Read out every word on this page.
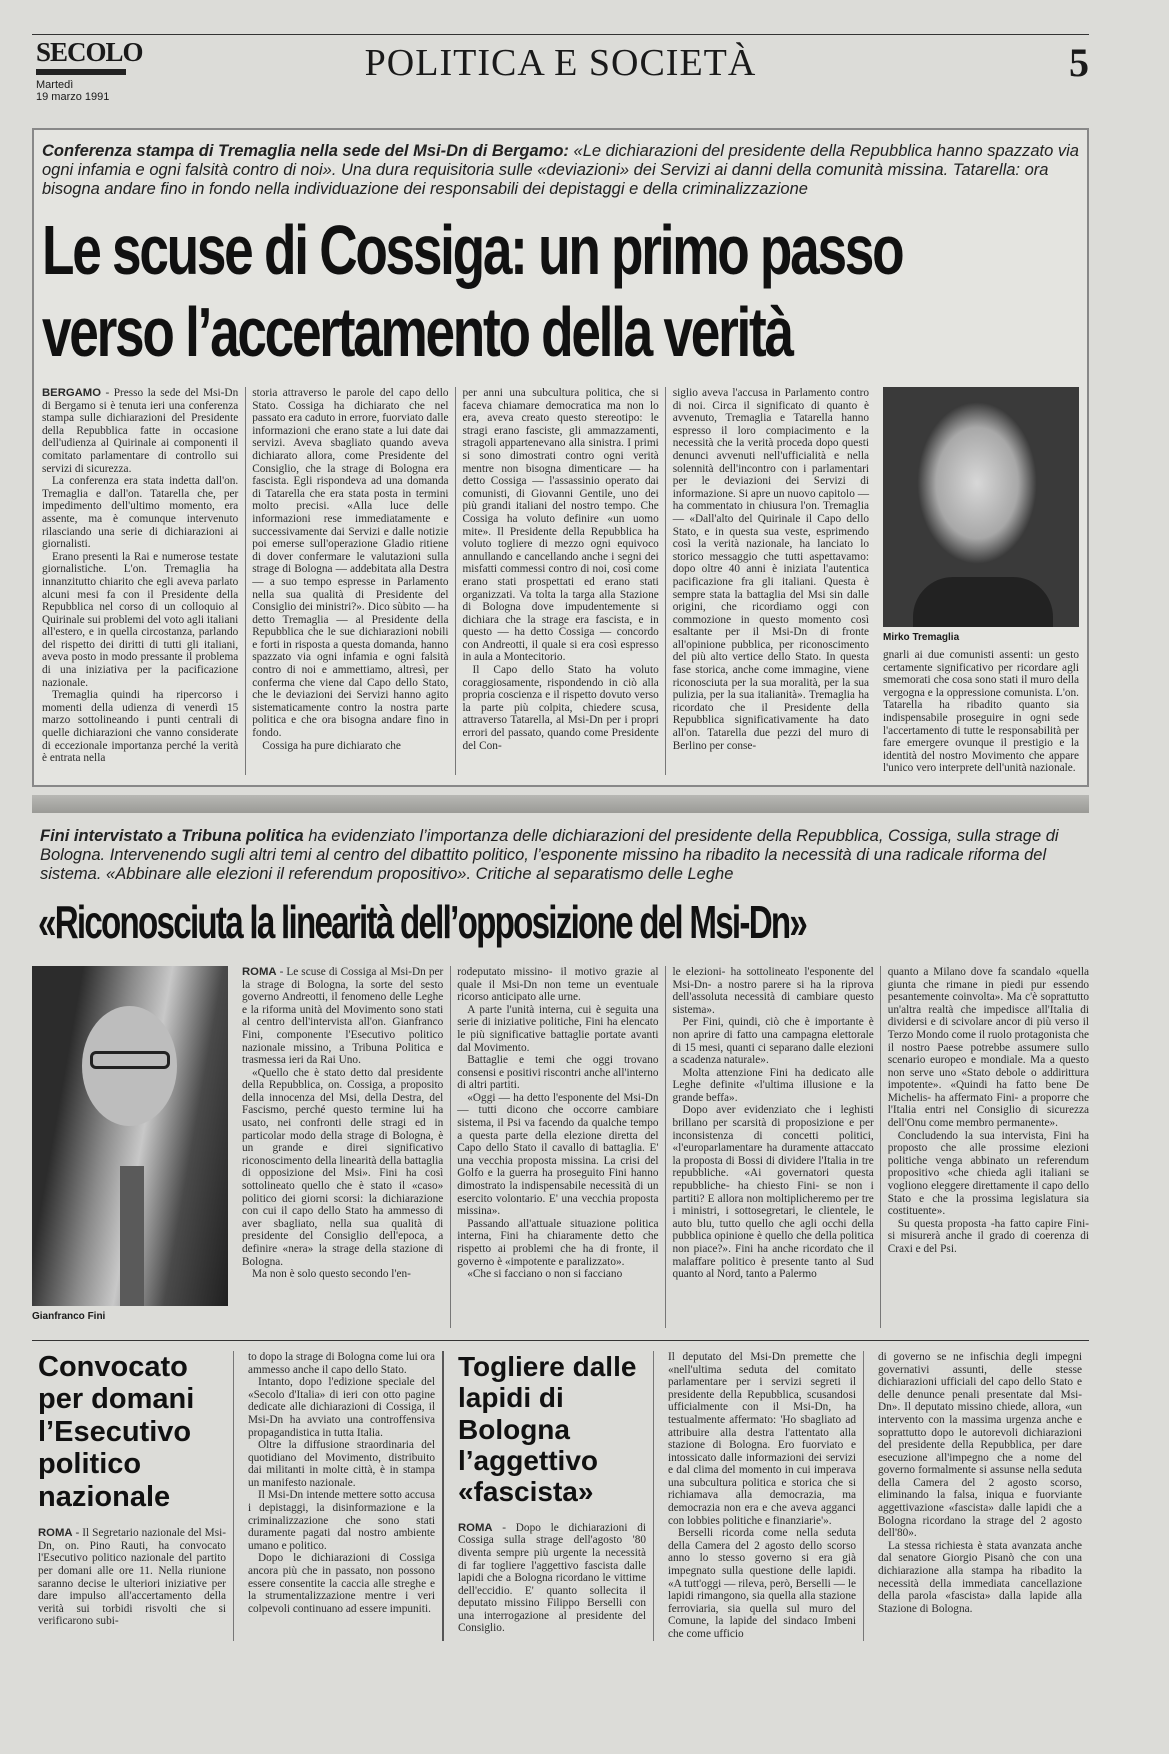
SECOLO
Martedì
19 marzo 1991
POLITICA E SOCIETÀ	5
Conferenza stampa di Tremaglia nella sede del Msi-Dn di Bergamo: «Le dichiarazioni del presidente della Repubblica hanno spazzato via ogni infamia e ogni falsità contro di noi». Una dura requisitoria sulle «deviazioni» dei Servizi ai danni della comunità missina. Tatarella: ora bisogna andare fino in fondo nella individuazione dei responsabili dei depistaggi e della criminalizzazione
Le scuse di Cossiga: un primo passo
verso l’accertamento della verità

BERGAMO - Presso la sede del Msi-Dn di Bergamo si è tenuta ieri una conferenza stampa sulle dichiarazioni del Presidente della Repubblica fatte in occasione dell'udienza al Quirinale ai componenti il comitato parlamentare di controllo sui servizi di sicurezza.

La conferenza era stata indetta dall'on. Tremaglia e dall'on. Tatarella che, per impedimento dell'ultimo momento, era assente, ma è comunque intervenuto rilasciando una serie di dichiarazioni ai giornalisti.

Erano presenti la Rai e numerose testate giornalistiche. L'on. Tremaglia ha innanzitutto chiarito che egli aveva parlato alcuni mesi fa con il Presidente della Repubblica nel corso di un colloquio al Quirinale sui problemi del voto agli italiani all'estero, e in quella circostanza, parlando del rispetto dei diritti di tutti gli italiani, aveva posto in modo pressante il problema di una iniziativa per la pacificazione nazionale.

Tremaglia quindi ha ripercorso i momenti della udienza di venerdì 15 marzo sottolineando i punti centrali di quelle dichiarazioni che vanno considerate di eccezionale importanza perché la verità è entrata nella

storia attraverso le parole del capo dello Stato. Cossiga ha dichiarato che nel passato era caduto in errore, fuorviato dalle informazioni che erano state a lui date dai servizi. Aveva sbagliato quando aveva dichiarato allora, come Presidente del Consiglio, che la strage di Bologna era fascista. Egli rispondeva ad una domanda di Tatarella che era stata posta in termini molto precisi. «Alla luce delle informazioni rese immediatamente e successivamente dai Servizi e dalle notizie poi emerse sull'operazione Gladio ritiene di dover confermare le valutazioni sulla strage di Bologna — addebitata alla Destra — a suo tempo espresse in Parlamento nella sua qualità di Presidente del Consiglio dei ministri?». Dico sùbito — ha detto Tremaglia — al Presidente della Repubblica che le sue dichiarazioni nobili e forti in risposta a questa domanda, hanno spazzato via ogni infamia e ogni falsità contro di noi e ammettiamo, altresì, per conferma che viene dal Capo dello Stato, che le deviazioni dei Servizi hanno agito sistematicamente contro la nostra parte politica e che ora bisogna andare fino in fondo.

Cossiga ha pure dichiarato che

per anni una subcultura politica, che si faceva chiamare democratica ma non lo era, aveva creato questo stereotipo: le stragi erano fasciste, gli ammazzamenti, stragoli appartenevano alla sinistra. I primi si sono dimostrati contro ogni verità mentre non bisogna dimenticare — ha detto Cossiga — l'assassinio operato dai comunisti, di Giovanni Gentile, uno dei più grandi italiani del nostro tempo. Che Cossiga ha voluto definire «un uomo mite». Il Presidente della Repubblica ha voluto togliere di mezzo ogni equivoco annullando e cancellando anche i segni dei misfatti commessi contro di noi, così come erano stati prospettati ed erano stati organizzati. Va tolta la targa alla Stazione di Bologna dove impudentemente si dichiara che la strage era fascista, e in questo — ha detto Cossiga — concordo con Andreotti, il quale si era così espresso in aula a Montecitorio.

Il Capo dello Stato ha voluto coraggiosamente, rispondendo in ciò alla propria coscienza e il rispetto dovuto verso la parte più colpita, chiedere scusa, attraverso Tatarella, al Msi-Dn per i propri errori del passato, quando come Presidente del Con-

siglio aveva l'accusa in Parlamento contro di noi. Circa il significato di quanto è avvenuto, Tremaglia e Tatarella hanno espresso il loro compiacimento e la necessità che la verità proceda dopo questi denunci avvenuti nell'ufficialità e nella solennità dell'incontro con i parlamentari per le deviazioni dei Servizi di informazione. Si apre un nuovo capitolo — ha commentato in chiusura l'on. Tremaglia — «Dall'alto del Quirinale il Capo dello Stato, e in questa sua veste, esprimendo così la verità nazionale, ha lanciato lo storico messaggio che tutti aspettavamo: dopo oltre 40 anni è iniziata l'autentica pacificazione fra gli italiani. Questa è sempre stata la battaglia del Msi sin dalle origini, che ricordiamo oggi con commozione in questo momento così esaltante per il Msi-Dn di fronte all'opinione pubblica, per riconoscimento del più alto vertice dello Stato. In questa fase storica, anche come immagine, viene riconosciuta per la sua moralità, per la sua pulizia, per la sua italianità». Tremaglia ha ricordato che il Presidente della Repubblica significativamente ha dato all'on. Tatarella due pezzi del muro di Berlino per conse-

Mirko Tremaglia

gnarli ai due comunisti assenti: un gesto certamente significativo per ricordare agli smemorati che cosa sono stati il muro della vergogna e la oppressione comunista. L'on. Tatarella ha ribadito quanto sia indispensabile proseguire in ogni sede l'accertamento di tutte le responsabilità per fare emergere ovunque il prestigio e la identità del nostro Movimento che appare l'unico vero interprete dell'unità nazionale.

Fini intervistato a Tribuna politica ha evidenziato l’importanza delle dichiarazioni del presidente della Repubblica, Cossiga, sulla strage di Bologna. Intervenendo sugli altri temi al centro del dibattito politico, l’esponente missino ha ribadito la necessità di una radicale riforma del sistema. «Abbinare alle elezioni il referendum propositivo». Critiche al separatismo delle Leghe
«Riconosciuta la linearità dell’opposizione del Msi-Dn»
Gianfranco Fini

ROMA - Le scuse di Cossiga al Msi-Dn per la strage di Bologna, la sorte del sesto governo Andreotti, il fenomeno delle Leghe e la riforma unità del Movimento sono stati al centro dell'intervista all'on. Gianfranco Fini, componente l'Esecutivo politico nazionale missino, a Tribuna Politica e trasmessa ieri da Rai Uno.

«Quello che è stato detto dal presidente della Repubblica, on. Cossiga, a proposito della innocenza del Msi, della Destra, del Fascismo, perché questo termine lui ha usato, nei confronti delle stragi ed in particolar modo della strage di Bologna, è un grande e direi significativo riconoscimento della linearità della battaglia di opposizione del Msi». Fini ha così sottolineato quello che è stato il «caso» politico dei giorni scorsi: la dichiarazione con cui il capo dello Stato ha ammesso di aver sbagliato, nella sua qualità di presidente del Consiglio dell'epoca, a definire «nera» la strage della stazione di Bologna.

Ma non è solo questo secondo l'en-

rodeputato missino- il motivo grazie al quale il Msi-Dn non teme un eventuale ricorso anticipato alle urne.

A parte l'unità interna, cui è seguita una serie di iniziative politiche, Fini ha elencato le più significative battaglie portate avanti dal Movimento.

Battaglie e temi che oggi trovano consensi e positivi riscontri anche all'interno di altri partiti.

«Oggi — ha detto l'esponente del Msi-Dn — tutti dicono che occorre cambiare sistema, il Psi va facendo da qualche tempo a questa parte della elezione diretta del Capo dello Stato il cavallo di battaglia. E' una vecchia proposta missina. La crisi del Golfo e la guerra ha proseguito Fini hanno dimostrato la indispensabile necessità di un esercito volontario. E' una vecchia proposta missina».

Passando all'attuale situazione politica interna, Fini ha chiaramente detto che rispetto ai problemi che ha di fronte, il governo è «impotente e paralizzato».

«Che si facciano o non si facciano

le elezioni- ha sottolineato l'esponente del Msi-Dn- a nostro parere si ha la riprova dell'assoluta necessità di cambiare questo sistema».

Per Fini, quindi, ciò che è importante è non aprire di fatto una campagna elettorale di 15 mesi, quanti ci separano dalle elezioni a scadenza naturale».

Molta attenzione Fini ha dedicato alle Leghe definite «l'ultima illusione e la grande beffa».

Dopo aver evidenziato che i leghisti brillano per scarsità di proposizione e per inconsistenza di concetti politici, «l'europarlamentare ha duramente attaccato la proposta di Bossi di dividere l'Italia in tre repubbliche. «Ai governatori questa repubbliche- ha chiesto Fini- se non i partiti? E allora non moltiplicheremo per tre i ministri, i sottosegretari, le clientele, le auto blu, tutto quello che agli occhi della pubblica opinione è quello che della politica non piace?». Fini ha anche ricordato che il malaffare politico è presente tanto al Sud quanto al Nord, tanto a Palermo

quanto a Milano dove fa scandalo «quella giunta che rimane in piedi pur essendo pesantemente coinvolta». Ma c'è soprattutto un'altra realtà che impedisce all'Italia di dividersi e di scivolare ancor di più verso il Terzo Mondo come il ruolo protagonista che il nostro Paese potrebbe assumere sullo scenario europeo e mondiale. Ma a questo non serve uno «Stato debole o addirittura impotente». «Quindi ha fatto bene De Michelis- ha affermato Fini- a proporre che l'Italia entri nel Consiglio di sicurezza dell'Onu come membro permanente».

Concludendo la sua intervista, Fini ha proposto che alle prossime elezioni politiche venga abbinato un referendum propositivo «che chieda agli italiani se vogliono eleggere direttamente il capo dello Stato e che la prossima legislatura sia costituente».

Su questa proposta -ha fatto capire Fini- si misurerà anche il grado di coerenza di Craxi e del Psi.

Convocato per domani l’Esecutivo politico nazionale

ROMA - Il Segretario nazionale del Msi-Dn, on. Pino Rauti, ha convocato l'Esecutivo politico nazionale del partito per domani alle ore 11. Nella riunione saranno decise le ulteriori iniziative per dare impulso all'accertamento della verità sui torbidi risvolti che si verificarono subi-

to dopo la strage di Bologna come lui ora ammesso anche il capo dello Stato.

Intanto, dopo l'edizione speciale del «Secolo d'Italia» di ieri con otto pagine dedicate alle dichiarazioni di Cossiga, il Msi-Dn ha avviato una controffensiva propagandistica in tutta Italia.

Oltre la diffusione straordinaria del quotidiano del Movimento, distribuito dai militanti in molte città, è in stampa un manifesto nazionale.

Il Msi-Dn intende mettere sotto accusa i depistaggi, la disinformazione e la criminalizzazione che sono stati duramente pagati dal nostro ambiente umano e politico.

Dopo le dichiarazioni di Cossiga ancora più che in passato, non possono essere consentite la caccia alle streghe e la strumentalizzazione mentre i veri colpevoli continuano ad essere impuniti.

Togliere dalle lapidi di Bologna l’aggettivo «fascista»

ROMA - Dopo le dichiarazioni di Cossiga sulla strage dell'agosto '80 diventa sempre più urgente la necessità di far togliere l'aggettivo fascista dalle lapidi che a Bologna ricordano le vittime dell'eccidio. E' quanto sollecita il deputato missino Filippo Berselli con una interrogazione al presidente del Consiglio.

Il deputato del Msi-Dn premette che «nell'ultima seduta del comitato parlamentare per i servizi segreti il presidente della Repubblica, scusandosi ufficialmente con il Msi-Dn, ha testualmente affermato: 'Ho sbagliato ad attribuire alla destra l'attentato alla stazione di Bologna. Ero fuorviato e intossicato dalle informazioni dei servizi e dal clima del momento in cui imperava una subcultura politica e storica che si richiamava alla democrazia, ma democrazia non era e che aveva agganci con lobbies politiche e finanziarie'».

Berselli ricorda come nella seduta della Camera del 2 agosto dello scorso anno lo stesso governo si era già impegnato sulla questione delle lapidi. «A tutt'oggi — rileva, però, Berselli — le lapidi rimangono, sia quella alla stazione ferroviaria, sia quella sul muro del Comune, la lapide del sindaco Imbeni che come ufficio

di governo se ne infischia degli impegni governativi assunti, delle stesse dichiarazioni ufficiali del capo dello Stato e delle denunce penali presentate dal Msi-Dn». Il deputato missino chiede, allora, «un intervento con la massima urgenza anche e soprattutto dopo le autorevoli dichiarazioni del presidente della Repubblica, per dare esecuzione all'impegno che a nome del governo formalmente si assunse nella seduta della Camera del 2 agosto scorso, eliminando la falsa, iniqua e fuorviante aggettivazione «fascista» dalle lapidi che a Bologna ricordano la strage del 2 agosto dell'80».

La stessa richiesta è stata avanzata anche dal senatore Giorgio Pisanò che con una dichiarazione alla stampa ha ribadito la necessità della immediata cancellazione della parola «fascista» dalla lapide alla Stazione di Bologna.
